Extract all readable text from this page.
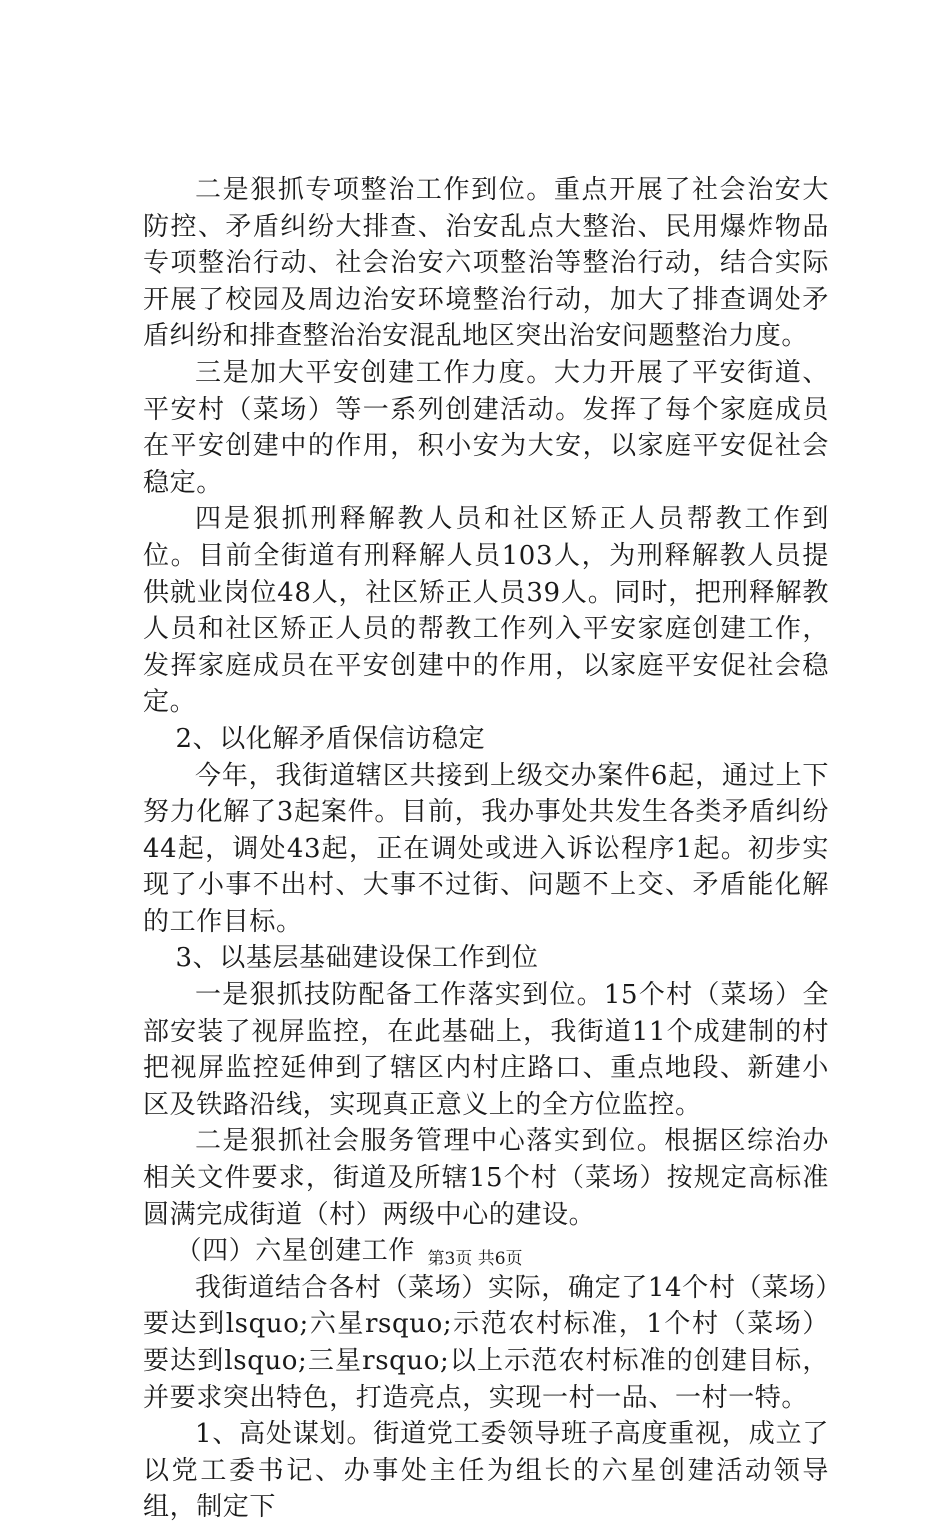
二是狠抓专项整治工作到位。重点开展了社会治安大防控、矛盾纠纷大排查、治安乱点大整治、民用爆炸物品专项整治行动、社会治安六项整治等整治行动，结合实际开展了校园及周边治安环境整治行动，加大了排查调处矛盾纠纷和排查整治治安混乱地区突出治安问题整治力度。

三是加大平安创建工作力度。大力开展了平安街道、平安村（菜场）等一系列创建活动。发挥了每个家庭成员在平安创建中的作用，积小安为大安，以家庭平安促社会稳定。

四是狠抓刑释解教人员和社区矫正人员帮教工作到位。目前全街道有刑释解人员103人，为刑释解教人员提供就业岗位48人，社区矫正人员39人。同时，把刑释解教人员和社区矫正人员的帮教工作列入平安家庭创建工作，发挥家庭成员在平安创建中的作用，以家庭平安促社会稳定。

2、以化解矛盾保信访稳定

今年，我街道辖区共接到上级交办案件6起，通过上下努力化解了3起案件。目前，我办事处共发生各类矛盾纠纷44起，调处43起，正在调处或进入诉讼程序1起。初步实现了小事不出村、大事不过街、问题不上交、矛盾能化解的工作目标。

3、以基层基础建设保工作到位

一是狠抓技防配备工作落实到位。15个村（菜场）全部安装了视屏监控，在此基础上，我街道11个成建制的村把视屏监控延伸到了辖区内村庄路口、重点地段、新建小区及铁路沿线，实现真正意义上的全方位监控。

二是狠抓社会服务管理中心落实到位。根据区综治办相关文件要求，街道及所辖15个村（菜场）按规定高标准圆满完成街道（村）两级中心的建设。

（四）六星创建工作

我街道结合各村（菜场）实际，确定了14个村（菜场）要达到lsquo;六星rsquo;示范农村标准，1个村（菜场）要达到lsquo;三星rsquo;以上示范农村标准的创建目标，并要求突出特色，打造亮点，实现一村一品、一村一特。

1、高处谋划。街道党工委领导班子高度重视，成立了以党工委书记、办事处主任为组长的六星创建活动领导组，制定下

第3页 共6页
